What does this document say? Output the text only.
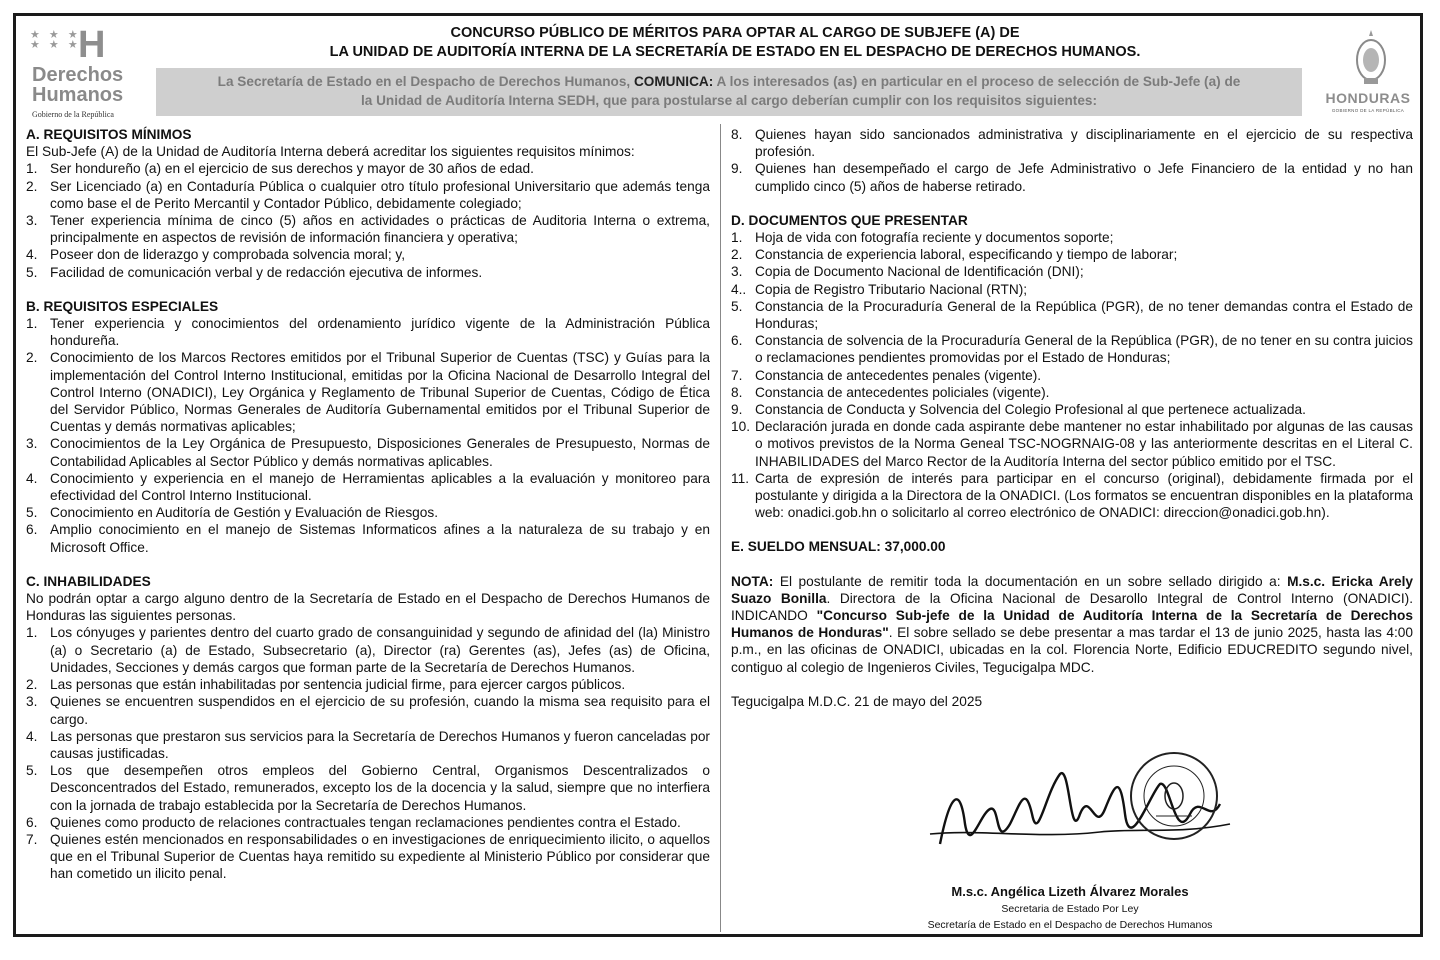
★ ★ ★
★ ★ ★
H
Derechos
Humanos
Gobierno de la República
CONCURSO PÚBLICO DE MÉRITOS PARA OPTAR AL CARGO DE SUBJEFE (A) DE
LA UNIDAD DE AUDITORÍA INTERNA DE LA SECRETARÍA DE ESTADO EN EL DESPACHO DE DERECHOS HUMANOS.
La Secretaría de Estado en el Despacho de Derechos Humanos, COMUNICA: A los interesados (as) en particular en el proceso de selección de Sub-Jefe (a) de
la Unidad de Auditoría Interna SEDH, que para postularse al cargo deberían cumplir con los requisitos siguientes:	HONDURAS
GOBIERNO DE LA REPÚBLICA
A. REQUISITOS MÍNIMOS

El Sub-Jefe (A) de la Unidad de Auditoría Interna deberá acreditar los siguientes requisitos mínimos:

1. Ser hondureño (a) en el ejercicio de sus derechos y mayor de 30 años de edad.
2. Ser Licenciado (a) en Contaduría Pública o cualquier otro título profesional Universitario que además tenga como base el de Perito Mercantil y Contador Público, debidamente colegiado;
3. Tener experiencia mínima de cinco (5) años en actividades o prácticas de Auditoria Interna o extrema, principalmente en aspectos de revisión de información financiera y operativa;
4. Poseer don de liderazgo y comprobada solvencia moral; y,
5. Facilidad de comunicación verbal y de redacción ejecutiva de informes.
B. REQUISITOS ESPECIALES
1. Tener experiencia y conocimientos del ordenamiento jurídico vigente de la Administración Pública hondureña.
2. Conocimiento de los Marcos Rectores emitidos por el Tribunal Superior de Cuentas (TSC) y Guías para la implementación del Control Interno Institucional, emitidas por la Oficina Nacional de Desarrollo Integral del Control Interno (ONADICI), Ley Orgánica y Reglamento de Tribunal Superior de Cuentas, Código de Ética del Servidor Público, Normas Generales de Auditoría Gubernamental emitidos por el Tribunal Superior de Cuentas y demás normativas aplicables;
3. Conocimientos de la Ley Orgánica de Presupuesto, Disposiciones Generales de Presupuesto, Normas de Contabilidad Aplicables al Sector Público y demás normativas aplicables.
4. Conocimiento y experiencia en el manejo de Herramientas aplicables a la evaluación y monitoreo para efectividad del Control Interno Institucional.
5. Conocimiento en Auditoría de Gestión y Evaluación de Riesgos.
6. Amplio conocimiento en el manejo de Sistemas Informaticos afines a la naturaleza de su trabajo y en Microsoft Office.
C. INHABILIDADES

No podrán optar a cargo alguno dentro de la Secretaría de Estado en el Despacho de Derechos Humanos de Honduras las siguientes personas.

1. Los cónyuges y parientes dentro del cuarto grado de consanguinidad y segundo de afinidad del (la) Ministro (a) o Secretario (a) de Estado, Subsecretario (a), Director (ra) Gerentes (as), Jefes (as) de Oficina, Unidades, Secciones y demás cargos que forman parte de la Secretaría de Derechos Humanos.
2. Las personas que están inhabilitadas por sentencia judicial firme, para ejercer cargos públicos.
3. Quienes se encuentren suspendidos en el ejercicio de su profesión, cuando la misma sea requisito para el cargo.
4. Las personas que prestaron sus servicios para la Secretaría de Derechos Humanos y fueron canceladas por causas justificadas.
5. Los que desempeñen otros empleos del Gobierno Central, Organismos Descentralizados o Desconcentrados del Estado, remunerados, excepto los de la docencia y la salud, siempre que no interfiera con la jornada de trabajo establecida por la Secretaría de Derechos Humanos.
6. Quienes como producto de relaciones contractuales tengan reclamaciones pendientes contra el Estado.
7. Quienes estén mencionados en responsabilidades o en investigaciones de enriquecimiento ilicito, o aquellos que en el Tribunal Superior de Cuentas haya remitido su expediente al Ministerio Público por considerar que han cometido un ilicito penal.
8. Quienes hayan sido sancionados administrativa y disciplinariamente en el ejercicio de su respectiva profesión.
9. Quienes han desempeñado el cargo de Jefe Administrativo o Jefe Financiero de la entidad y no han cumplido cinco (5) años de haberse retirado.
D. DOCUMENTOS QUE PRESENTAR
1. Hoja de vida con fotografía reciente y documentos soporte;
2. Constancia de experiencia laboral, especificando y tiempo de laborar;
3. Copia de Documento Nacional de Identificación (DNI);
4.. Copia de Registro Tributario Nacional (RTN);
5. Constancia de la Procuraduría General de la República (PGR), de no tener demandas contra el Estado de Honduras;
6. Constancia de solvencia de la Procuraduría General de la República (PGR), de no tener en su contra juicios o reclamaciones pendientes promovidas por el Estado de Honduras;
7. Constancia de antecedentes penales (vigente).
8. Constancia de antecedentes policiales (vigente).
9. Constancia de Conducta y Solvencia del Colegio Profesional al que pertenece actualizada.
10. Declaración jurada en donde cada aspirante debe mantener no estar inhabilitado por algunas de las causas o motivos previstos de la Norma Geneal TSC-NOGRNAIG-08 y las anteriormente descritas en el Literal C. INHABILIDADES del Marco Rector de la Auditoría Interna del sector público emitido por el TSC.
11. Carta de expresión de interés para participar en el concurso (original), debidamente firmada por el postulante y dirigida a la Directora de la ONADICI. (Los formatos se encuentran disponibles en la plataforma web: onadici.gob.hn o solicitarlo al correo electrónico de ONADICI: direccion@onadici.gob.hn).
E. SUELDO MENSUAL: 37,000.00

NOTA: El postulante de remitir toda la documentación en un sobre sellado dirigido a: M.s.c. Ericka Arely Suazo Bonilla. Directora de la Oficina Nacional de Desarollo Integral de Control Interno (ONADICI). INDICANDO "Concurso Sub-jefe de la Unidad de Auditoría Interna de la Secretaría de Derechos Humanos de Honduras". El sobre sellado se debe presentar a mas tardar el 13 de junio 2025, hasta las 4:00 p.m., en las oficinas de ONADICI, ubicadas en la col. Florencia Norte, Edificio EDUCREDITO segundo nivel, contiguo al colegio de Ingenieros Civiles, Tegucigalpa MDC.

Tegucigalpa M.D.C. 21 de mayo del 2025
M.s.c. Angélica Lizeth Álvarez Morales
Secretaria de Estado Por Ley
Secretaría de Estado en el Despacho de Derechos Humanos
